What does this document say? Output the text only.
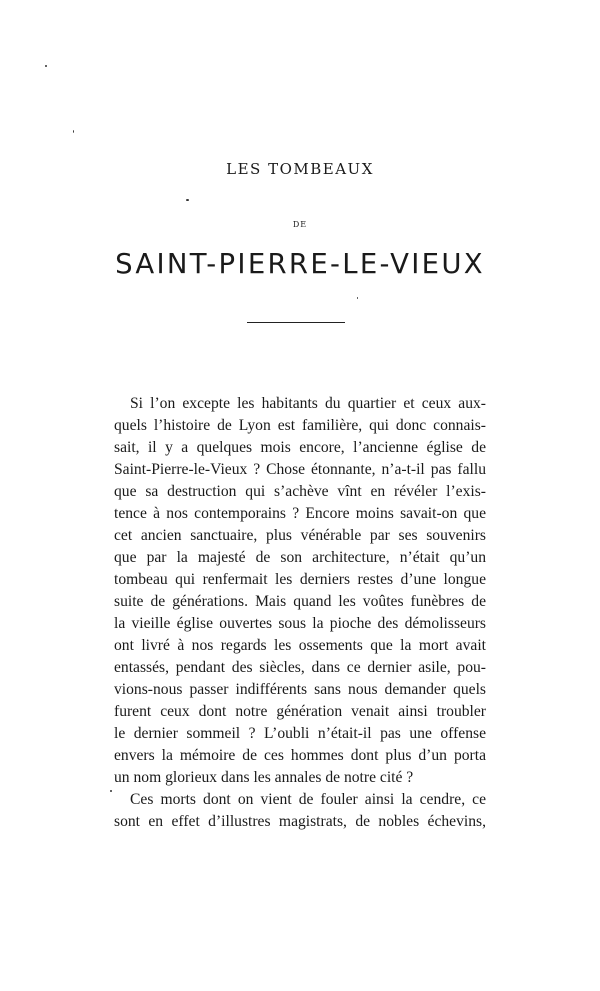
LES TOMBEAUX
DE
SAINT-PIERRE-LE-VIEUX
Si l’on excepte les habitants du quartier et ceux aux-
quels l’histoire de Lyon est familière, qui donc connais-
sait, il y a quelques mois encore, l’ancienne église de
Saint-Pierre-le-Vieux ? Chose étonnante, n’a-t-il pas fallu
que sa destruction qui s’achève vînt en révéler l’exis-
tence à nos contemporains ? Encore moins savait-on que
cet ancien sanctuaire, plus vénérable par ses souvenirs
que par la majesté de son architecture, n’était qu’un
tombeau qui renfermait les derniers restes d’une longue
suite de générations. Mais quand les voûtes funèbres de
la vieille église ouvertes sous la pioche des démolisseurs
ont livré à nos regards les ossements que la mort avait
entassés, pendant des siècles, dans ce dernier asile, pou-
vions-nous passer indifférents sans nous demander quels
furent ceux dont notre génération venait ainsi troubler
le dernier sommeil ? L’oubli n’était-il pas une offense
envers la mémoire de ces hommes dont plus d’un porta
un nom glorieux dans les annales de notre cité ?
Ces morts dont on vient de fouler ainsi la cendre, ce
sont en effet d’illustres magistrats, de nobles échevins,
